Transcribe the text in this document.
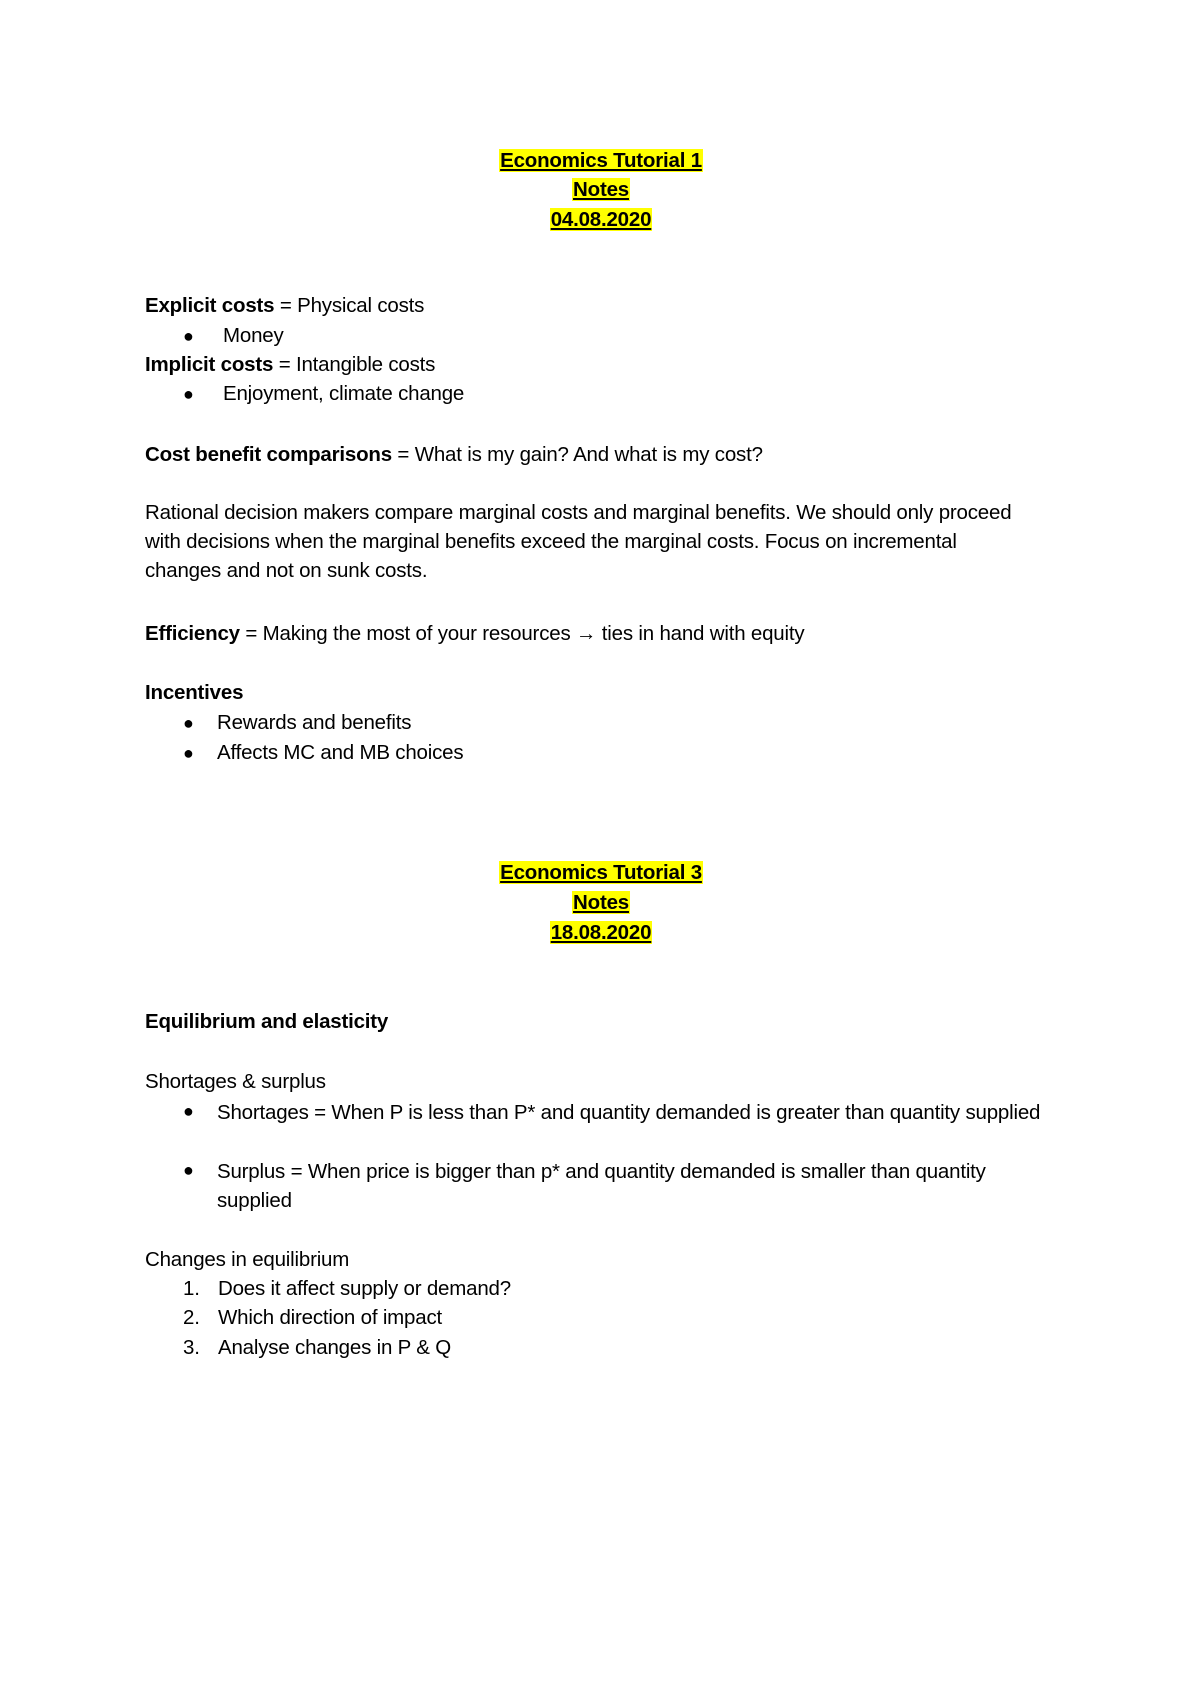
Economics Tutorial 1
Notes
04.08.2020
Explicit costs = Physical costs
●
Money
Implicit costs = Intangible costs
●
Enjoyment, climate change
Cost benefit comparisons = What is my gain? And what is my cost?
Rational decision makers compare marginal costs and marginal benefits. We should only proceed with decisions when the marginal benefits exceed the marginal costs. Focus on incremental changes and not on sunk costs.
Efficiency = Making the most of your resources → ties in hand with equity
Incentives
●
Rewards and benefits
●
Affects MC and MB choices
Economics Tutorial 3
Notes
18.08.2020
Equilibrium and elasticity
Shortages & surplus
●
Shortages = When P is less than P* and quantity demanded is greater than quantity supplied
●
Surplus = When price is bigger than p* and quantity demanded is smaller than quantity supplied
Changes in equilibrium
1. Does it affect supply or demand?
2. Which direction of impact
3. Analyse changes in P & Q
